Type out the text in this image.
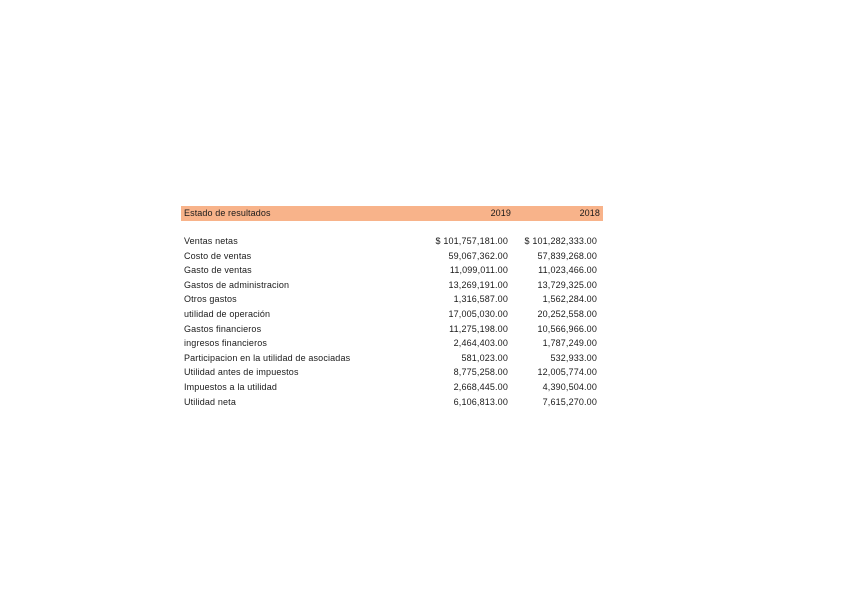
Estado de resultados	2019	2018
Ventas netas	$ 101,757,181.00 $ 101,282,333.00
Costo de ventas	59,067,362.00	57,839,268.00
Gasto de ventas	11,099,011.00	11,023,466.00
Gastos de administracion	13,269,191.00	13,729,325.00
Otros gastos	1,316,587.00	1,562,284.00
utilidad de operación	17,005,030.00	20,252,558.00
Gastos financieros	11,275,198.00	10,566,966.00
ingresos financieros	2,464,403.00	1,787,249.00
Participacion en la utilidad de asociadas	581,023.00	532,933.00
Utilidad antes de impuestos	8,775,258.00	12,005,774.00
Impuestos a la utilidad	2,668,445.00	4,390,504.00
Utilidad neta	6,106,813.00	7,615,270.00
